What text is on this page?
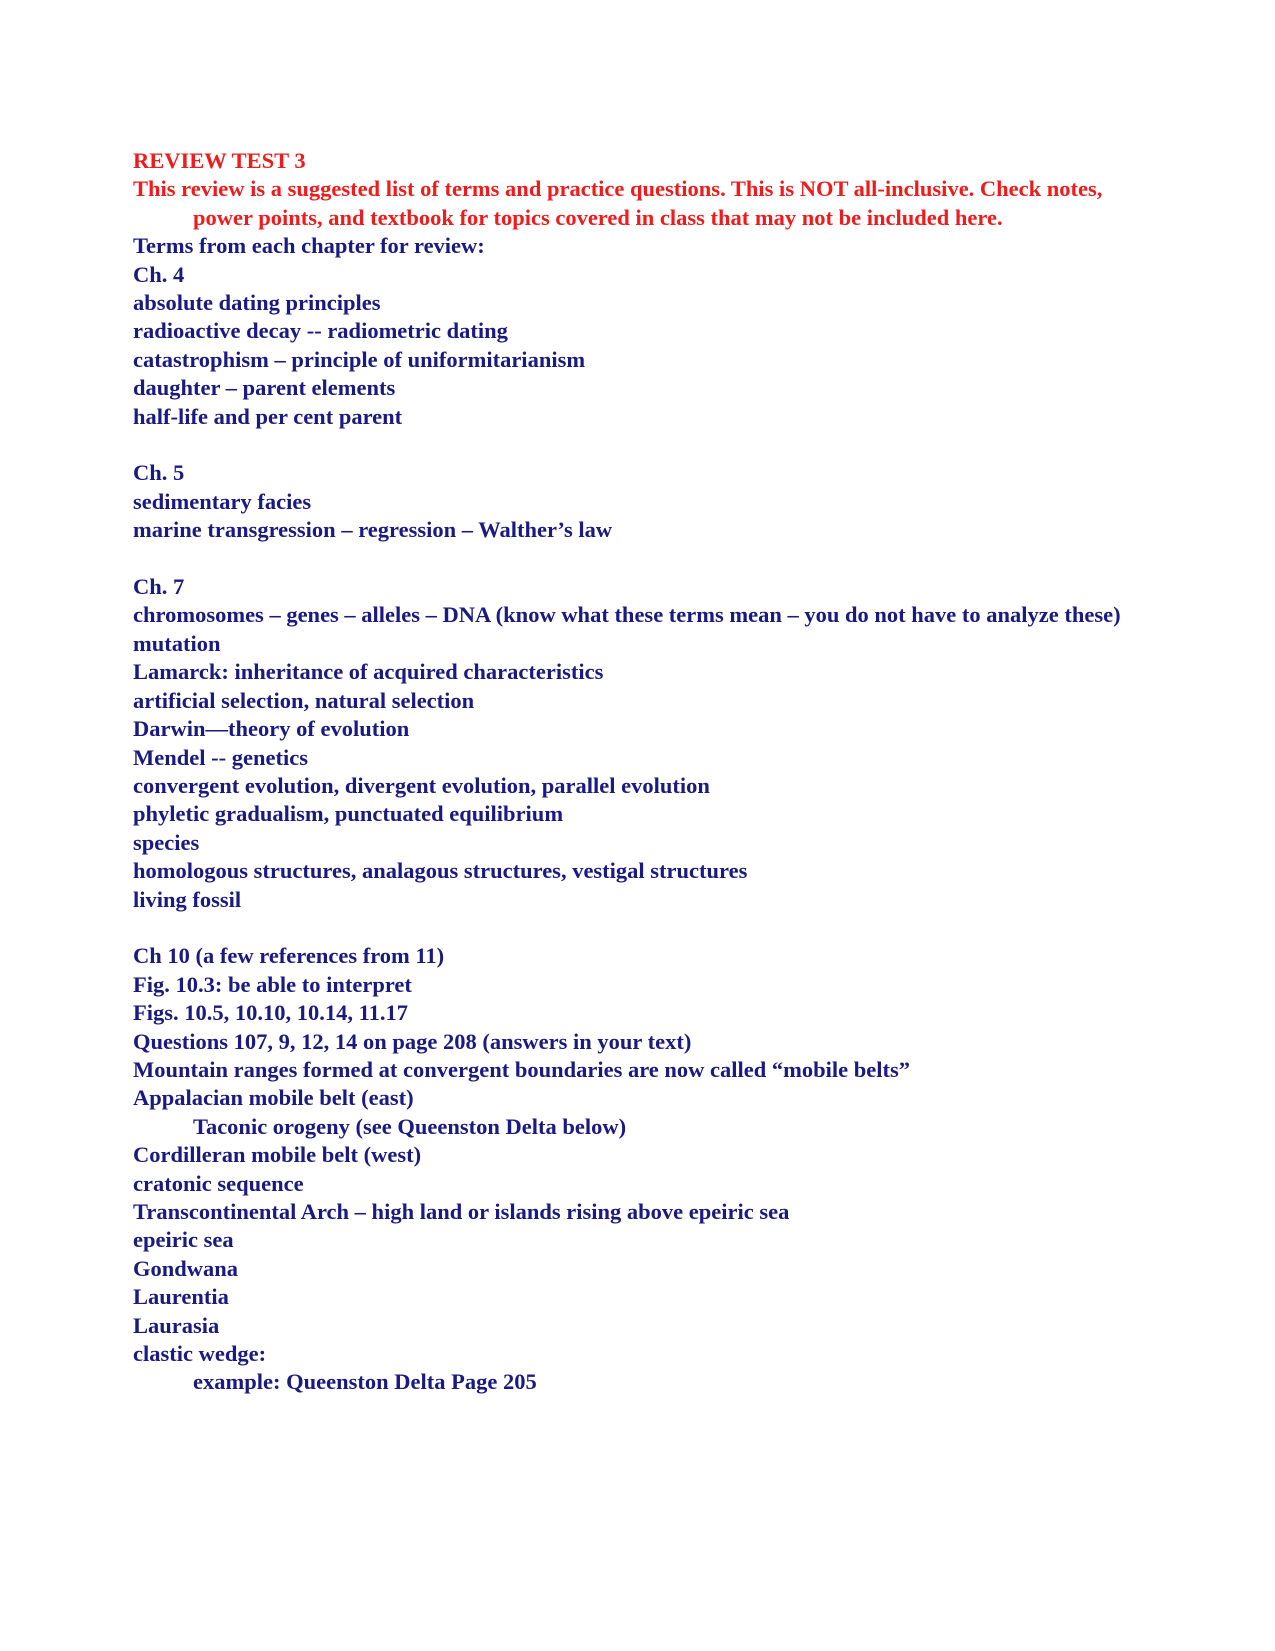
REVIEW TEST 3
This review is a suggested list of terms and practice questions. This is NOT all-inclusive. Check notes, power points, and textbook for topics covered in class that may not be included here.
Terms from each chapter for review:
Ch. 4
absolute dating principles
radioactive decay -- radiometric dating
catastrophism – principle of uniformitarianism
daughter – parent elements
half-life and per cent parent
Ch. 5
sedimentary facies
marine transgression – regression – Walther’s law
Ch. 7
chromosomes – genes – alleles – DNA (know what these terms mean – you do not have to analyze these)
mutation
Lamarck: inheritance of acquired characteristics
artificial selection, natural selection
Darwin—theory of evolution
Mendel -- genetics
convergent evolution, divergent evolution, parallel evolution
phyletic gradualism, punctuated equilibrium
species
homologous structures, analagous structures, vestigal structures
living fossil
Ch 10 (a few references from 11)
Fig. 10.3: be able to interpret
Figs. 10.5, 10.10, 10.14, 11.17
Questions 107, 9, 12, 14 on page 208 (answers in your text)
Mountain ranges formed at convergent boundaries are now called “mobile belts”
Appalacian mobile belt (east)
Taconic orogeny (see Queenston Delta below)
Cordilleran mobile belt (west)
cratonic sequence
Transcontinental Arch – high land or islands rising above epeiric sea
epeiric sea
Gondwana
Laurentia
Laurasia
clastic wedge:
example: Queenston Delta Page 205
